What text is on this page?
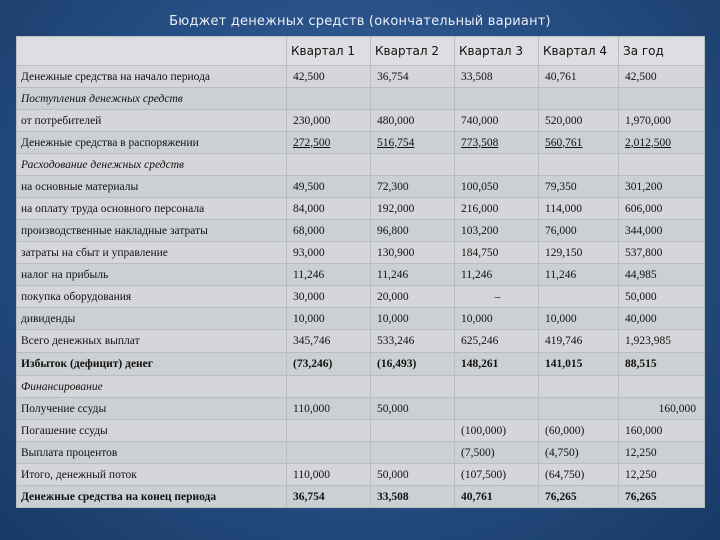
Бюджет денежных средств (окончательный вариант)
	Квартал 1	Квартал 2	Квартал 3	Квартал 4	За год
Денежные средства на начало периода	42,500	36,754	33,508	40,761	42,500
Поступления денежных средств					
от потребителей	230,000	480,000	740,000	520,000	1,970,000
Денежные средства в распоряжении	272,500	516,754	773,508	560,761	2,012,500
Расходование денежных средств					
на основные материалы	49,500	72,300	100,050	79,350	301,200
на оплату труда основного персонала	84,000	192,000	216,000	114,000	606,000
производственные накладные затраты	68,000	96,800	103,200	76,000	344,000
затраты на сбыт и управление	93,000	130,900	184,750	129,150	537,800
налог на прибыль	11,246	11,246	11,246	11,246	44,985
покупка оборудования	30,000	20,000	–		50,000
дивиденды	10,000	10,000	10,000	10,000	40,000
Всего денежных выплат	345,746	533,246	625,246	419,746	1,923,985
Избыток (дефицит) денег	(73,246)	(16,493)	148,261	141,015	88,515
Финансирование					
Получение ссуды	110,000	50,000			160,000
Погашение ссуды			(100,000)	(60,000)	160,000
Выплата процентов			(7,500)	(4,750)	12,250
Итого, денежный поток	110,000	50,000	(107,500)	(64,750)	12,250
Денежные средства на конец периода	36,754	33,508	40,761	76,265	76,265
